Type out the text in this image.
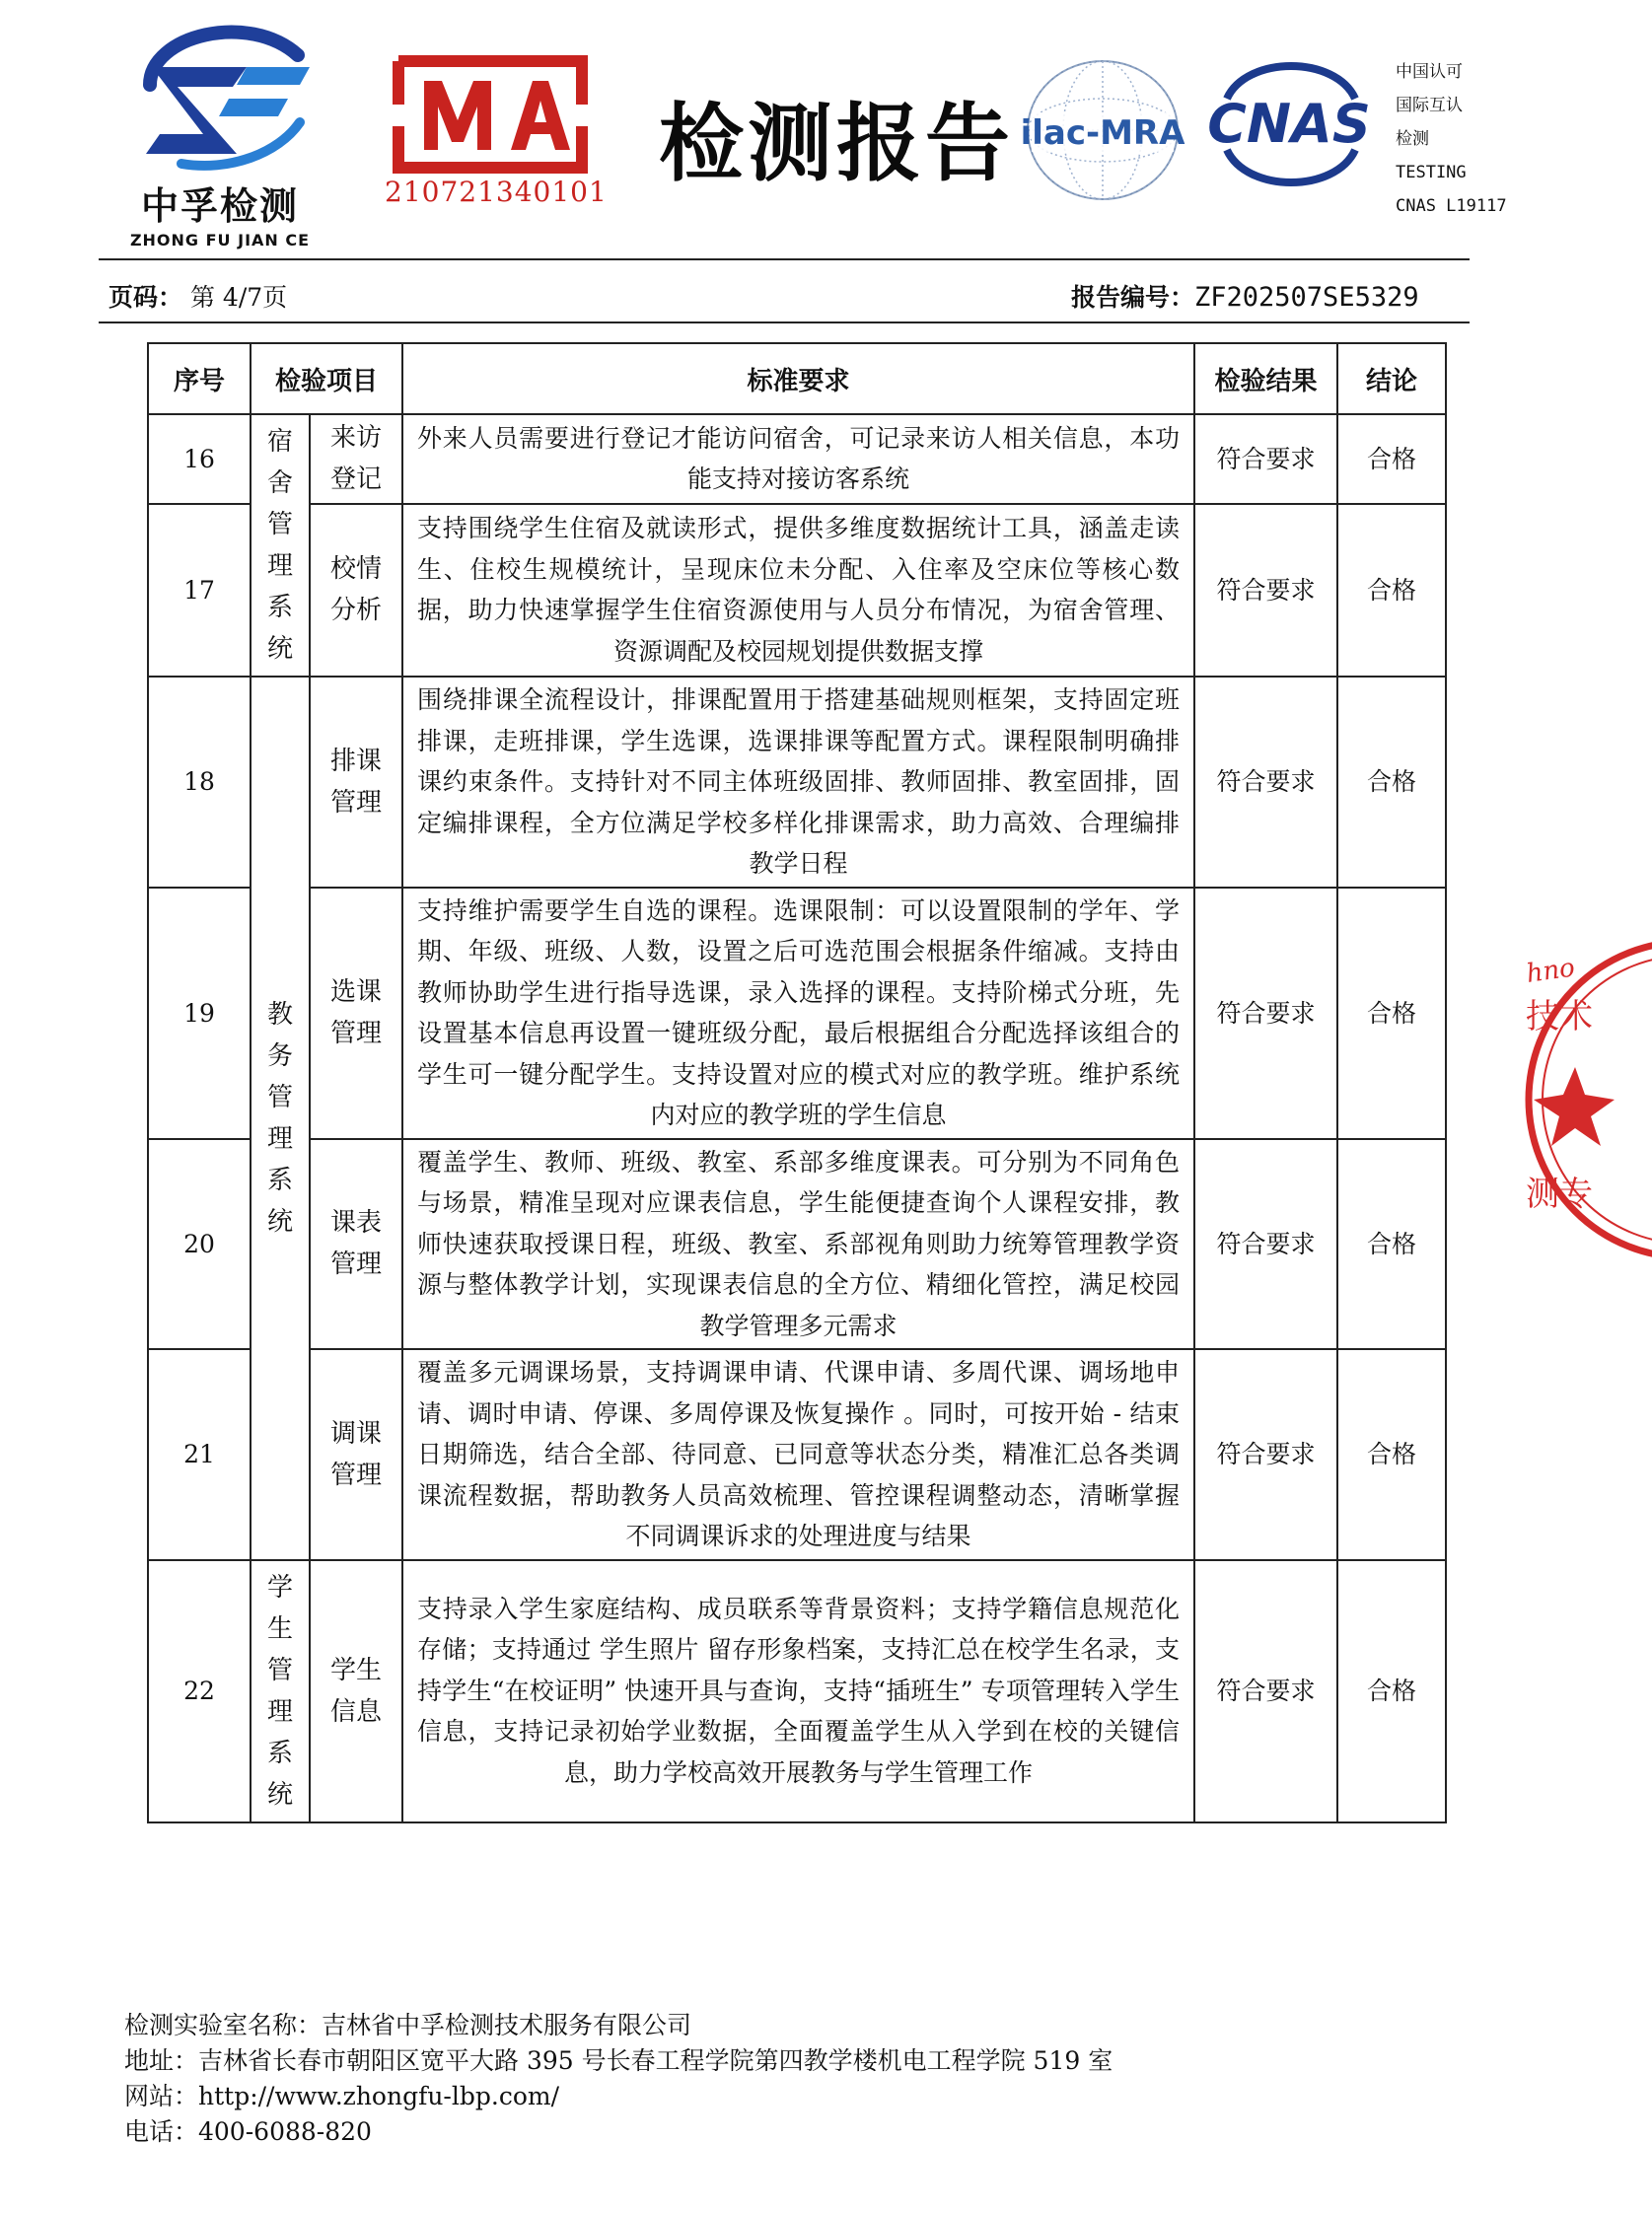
中孚检测
ZHONG FU JIAN CE
210721340101 检测报告 ilac-MRA CNAS
中国认可
国际互认
检测
TESTING
CNAS L19117
页码： 第 4/7页	报告编号：ZF202507SE5329
序号	检验项目		标准要求	检验结果	结论
16	宿舍管理系统	来访登记	外来人员需要进行登记才能访问宿舍，可记录来访人相关信息，本功能支持对接访客系统	符合要求	合格
17		校情分析	支持围绕学生住宿及就读形式，提供多维度数据统计工具，涵盖走读生、住校生规模统计，呈现床位未分配、入住率及空床位等核心数据，助力快速掌握学生住宿资源使用与人员分布情况，为宿舍管理、资源调配及校园规划提供数据支撑	符合要求	合格
18	教务管理系统	排课管理	围绕排课全流程设计，排课配置用于搭建基础规则框架，支持固定班排课，走班排课，学生选课，选课排课等配置方式。课程限制明确排课约束条件。支持针对不同主体班级固排、教师固排、教室固排，固定编排课程，全方位满足学校多样化排课需求，助力高效、合理编排教学日程	符合要求	合格
19		选课管理	支持维护需要学生自选的课程。选课限制：可以设置限制的学年、学期、年级、班级、人数，设置之后可选范围会根据条件缩减。支持由教师协助学生进行指导选课，录入选择的课程。支持阶梯式分班，先设置基本信息再设置一键班级分配，最后根据组合分配选择该组合的学生可一键分配学生。支持设置对应的模式对应的教学班。维护系统内对应的教学班的学生信息	符合要求	合格
20		课表管理	覆盖学生、教师、班级、教室、系部多维度课表。可分别为不同角色与场景，精准呈现对应课表信息，学生能便捷查询个人课程安排，教师快速获取授课日程，班级、教室、系部视角则助力统筹管理教学资源与整体教学计划，实现课表信息的全方位、精细化管控，满足校园教学管理多元需求	符合要求	合格
21		调课管理	覆盖多元调课场景，支持调课申请、代课申请、多周代课、调场地申请、调时申请、停课、多周停课及恢复操作 。同时，可按开始 - 结束日期筛选，结合全部、待同意、已同意等状态分类，精准汇总各类调课流程数据，帮助教务人员高效梳理、管控课程调整动态，清晰掌握不同调课诉求的处理进度与结果	符合要求	合格
22	学生管理系统	学生信息	支持录入学生家庭结构、成员联系等背景资料；支持学籍信息规范化存储；支持通过 学生照片 留存形象档案，支持汇总在校学生名录，支持学生“在校证明” 快速开具与查询，支持“插班生” 专项管理转入学生信息，支持记录初始学业数据，全面覆盖学生从入学到在校的关键信息，助力学校高效开展教务与学生管理工作	符合要求	合格
hno
技术
测专
检测实验室名称：吉林省中孚检测技术服务有限公司
地址：吉林省长春市朝阳区宽平大路 395 号长春工程学院第四教学楼机电工程学院 519 室
网站：http://www.zhongfu-lbp.com/
电话：400-6088-820
